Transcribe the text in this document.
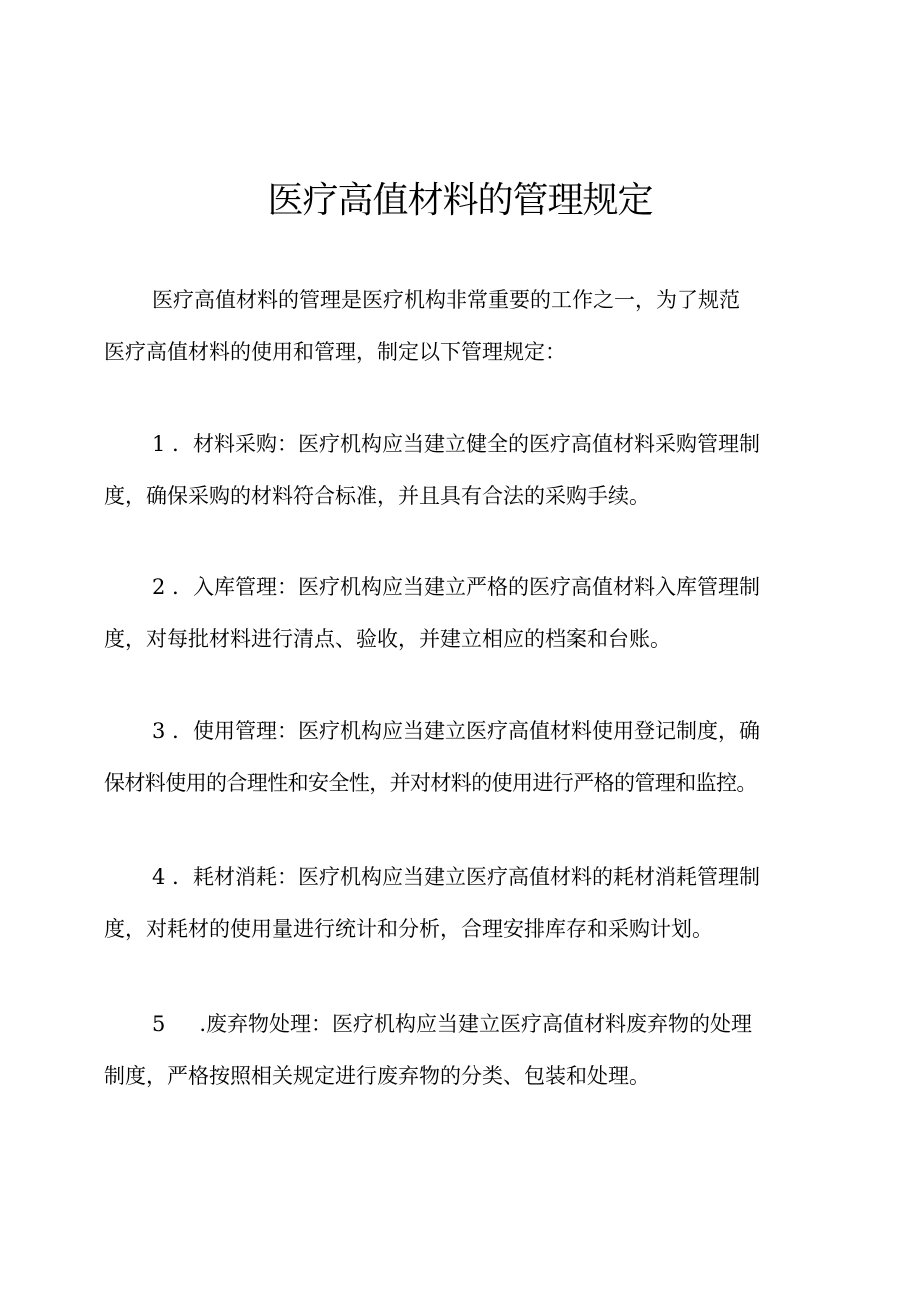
医疗高值材料的管理规定

医疗高值材料的管理是医疗机构非常重要的工作之一，为了规范
医疗高值材料的使用和管理，制定以下管理规定：

1 ．材料采购：医疗机构应当建立健全的医疗高值材料采购管理制
度，确保采购的材料符合标准，并且具有合法的采购手续。

2 ．入库管理：医疗机构应当建立严格的医疗高值材料入库管理制
度，对每批材料进行清点、验收，并建立相应的档案和台账。

3 ．使用管理：医疗机构应当建立医疗高值材料使用登记制度，确
保材料使用的合理性和安全性，并对材料的使用进行严格的管理和监控。

4 ．耗材消耗：医疗机构应当建立医疗高值材料的耗材消耗管理制
度，对耗材的使用量进行统计和分析，合理安排库存和采购计划。

5 .废弃物处理：医疗机构应当建立医疗高值材料废弃物的处理
制度，严格按照相关规定进行废弃物的分类、包装和处理。
